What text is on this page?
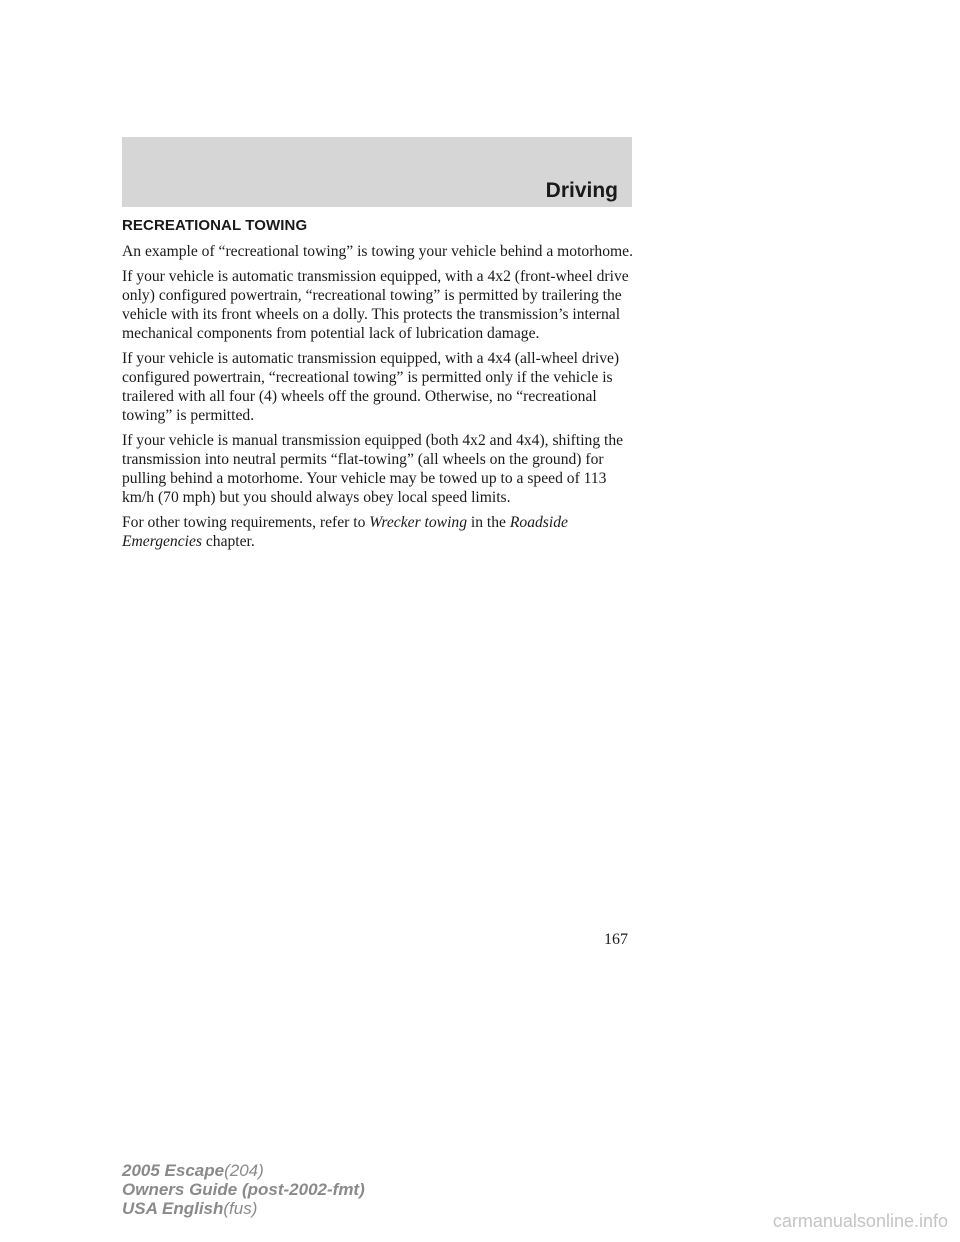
Driving
RECREATIONAL TOWING

An example of “recreational towing” is towing your vehicle behind a motorhome.

If your vehicle is automatic transmission equipped, with a 4x2 (front-wheel drive only) configured powertrain, “recreational towing” is permitted by trailering the vehicle with its front wheels on a dolly. This protects the transmission’s internal mechanical components from potential lack of lubrication damage.

If your vehicle is automatic transmission equipped, with a 4x4 (all-wheel drive) configured powertrain, “recreational towing” is permitted only if the vehicle is trailered with all four (4) wheels off the ground. Otherwise, no “recreational towing” is permitted.

If your vehicle is manual transmission equipped (both 4x2 and 4x4), shifting the transmission into neutral permits “flat-towing” (all wheels on the ground) for pulling behind a motorhome. Your vehicle may be towed up to a speed of 113 km/h (70 mph) but you should always obey local speed limits.

For other towing requirements, refer to Wrecker towing in the Roadside Emergencies chapter.

167
2005 Escape(204)
Owners Guide (post-2002-fmt)
USA English(fus)
carmanualsonline.info
